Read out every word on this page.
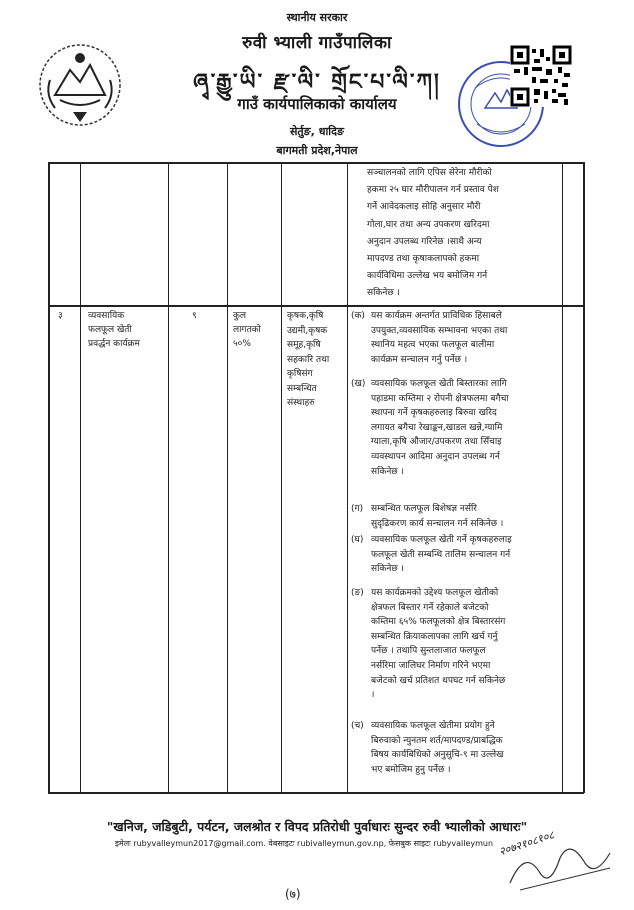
स्थानीय सरकार
रुवी भ्याली गाउँपालिका
ཞྭ་རྒྱུ་ཡི་ རྫ་ལི་ གྲོང་པ་ལི་ཀ།
गाउँ कार्यपालिकाको कार्यालय
सेर्तुङ, धादिङ
बागमती प्रदेश,नेपाल
सञ्चालनको लागि एपिस सेरेना मौरीको
हकमा २५ घार मौरीपालन गर्न प्रस्ताव पेश
गर्ने आवेदकलाइ सोहि अनुसार मौरी
गोला,घार तथा अन्य उपकरण खरिदमा
अनुदान उपलब्ध गरिनेछ ।साथै अन्य
मापदण्ड तथा कृषाकलापको हकमा
कार्यविधिमा उल्लेख भय बमोजिम गर्न
सकिनेछ ।
३	व्यवसायिक
फलफूल खेती
प्रवर्द्धन कार्यक्रम
९	कुल
लागतको
५०%
कृषक,कृषि
उद्यमी,कृषक
समूह,कृषि
सहकारि तथा
कृषिसंग
सम्बन्धित
संस्थाहरु
(क) यस कार्यक्रम अन्तर्गत प्राविधिक हिसाबले
उपयुक्त,व्यवसायिक सम्भावना भएका तथा
स्थानिय महत्व भएका फलफूल बालीमा
कार्यक्रम सन्चालन गर्नु पर्नेछ ।
(ख) व्यवसायिक फलफूल खेती बिस्तारका लागि
पहाडमा कम्तिमा २ रोपनी क्षेत्रफलमा बगैचा
स्थापना गर्ने कृषकहरुलाइ बिरुवा खरिद
लगायत बगैचा रेखाङ्कन,खाडल खन्ने,ग्यामि
ग्याला,कृषि औजार/उपकरण तथा सिँचाइ
व्यवस्थापन आदिमा अनुदान उपलब्ध गर्न
सकिनेछ ।
(ग) सम्बन्धित फलफूल बिशेषज्ञ नर्सरि
सुदृढिकरण कार्य सन्चालन गर्न सकिनेछ ।
(घ) व्यवसायिक फलफूल खेती गर्ने कृषकहरुलाइ
फलफूल खेती सम्बन्धि तालिम सन्चालन गर्न
सकिनेछ ।
(ङ) यस कार्यक्रमको उद्देश्य फलफूल खेतीको
क्षेत्रफल बिस्तार गर्ने रहेकाले बजेटको
कम्तिमा ६५% फलफूलको क्षेत्र बिस्तारसंग
सम्बन्धित क्रियाकलापका लागि खर्च गर्नु
पर्नेछ । तथापि सुन्तलाजात फलफूल
नर्सरिमा जालिघर निर्माण गरिने भएमा
बजेटको खर्च प्रतिशत थपघट गर्न सकिनेछ
।
(च) व्यवसायिक फलफूल खेतीमा प्रयोग हुने
बिरुवाको न्युनतम शर्त/मापदण्ड/प्राबद्धिक
बिषय कार्यबिधिको अनुसुचि-९ मा उल्लेख
भए बमोजिम हुनु पर्नेछ ।
"खनिज, जडिबुटी, पर्यटन, जलश्रोत र विपद प्रतिरोधी पुर्वाधारः सुन्दर रुवी भ्यालीको आधारः"
इमेलः rubyvalleymun2017@gmail.com. वेबसाइटः rubivalleymun.gov.np, फेसबुक साइटः rubyvalleymun
(७)
२०७२१०८१०८
